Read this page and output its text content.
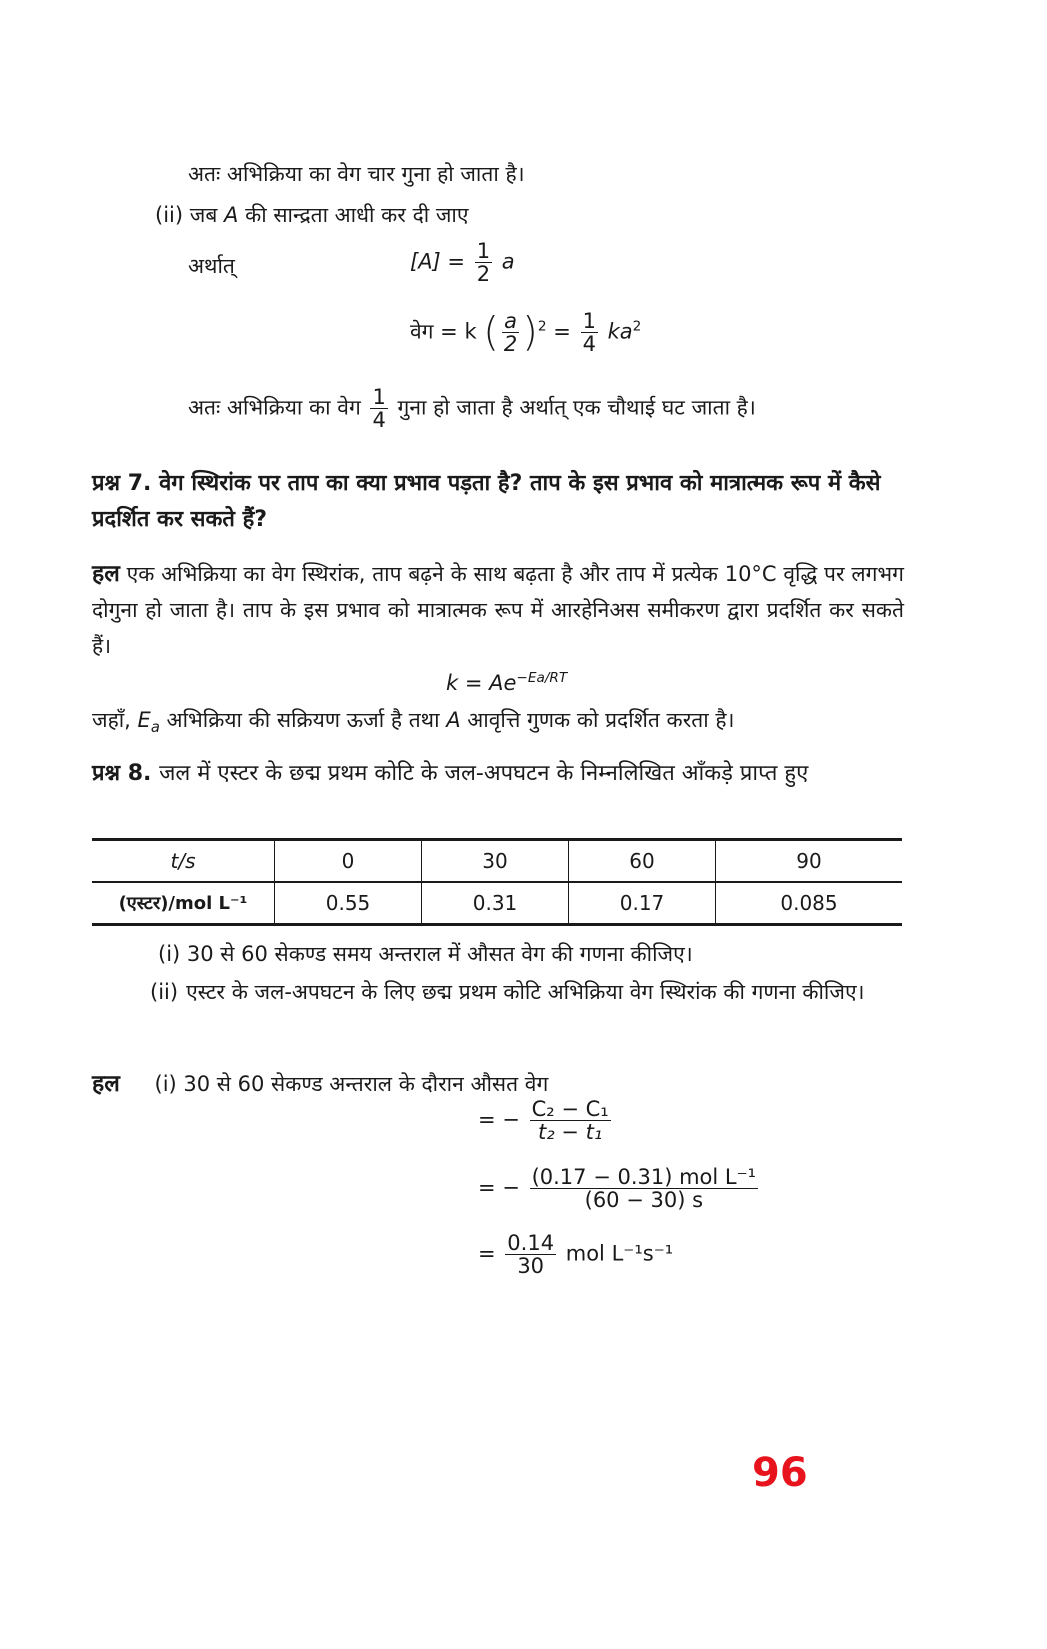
अतः अभिक्रिया का वेग चार गुना हो जाता है।
(ii) जब A की सान्द्रता आधी कर दी जाए
अर्थात्	$[A] = \frac{1}{2}$ a
वेग = k ( $\frac{a}{2} )^2 = \frac{1}{4} ka^2$
अतः अभिक्रिया का वेग $\frac{1}{4}$ गुना हो जाता है अर्थात् एक चौथाई घट जाता है।
प्रश्न 7. वेग स्थिरांक पर ताप का क्या प्रभाव पड़ता है? ताप के इस प्रभाव को मात्रात्मक रूप में कैसे प्रदर्शित कर सकते हैं?
हल एक अभिक्रिया का वेग स्थिरांक, ताप बढ़ने के साथ बढ़ता है और ताप में प्रत्येक 10°C वृद्धि पर लगभग दोगुना हो जाता है। ताप के इस प्रभाव को मात्रात्मक रूप में आरहेनिअस समीकरण द्वारा प्रदर्शित कर सकते हैं।
$k = Ae^{-Ea/RT}$
जहाँ, $E_a$ अभिक्रिया की सक्रियण ऊर्जा है तथा A आवृत्ति गुणक को प्रदर्शित करता है।
प्रश्न 8. जल में एस्टर के छद्म प्रथम कोटि के जल-अपघटन के निम्नलिखित आँकड़े प्राप्त हुए
t/s	0	30	60	90
(एस्टर)/mol L⁻¹	0.55	0.31	0.17	0.085
(i) 30 से 60 सेकण्ड समय अन्तराल में औसत वेग की गणना कीजिए।
(ii) एस्टर के जल-अपघटन के लिए छद्म प्रथम कोटि अभिक्रिया वेग स्थिरांक की गणना कीजिए।
हल (i) 30 से 60 सेकण्ड अन्तराल के दौरान औसत वेग
= − $\frac{\text{C₂ − C₁}}{\text{t₂ − t₁}}$
= − $\frac{\text{(0.17 − 0.31) mol L⁻¹}}{(60 - 30) s}$
= $\frac{0.14}{30}$ mol L⁻¹s⁻¹
96
